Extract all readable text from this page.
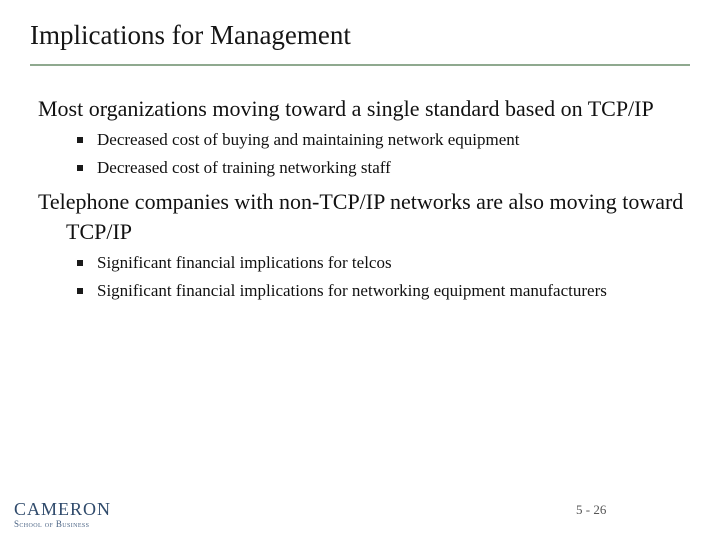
Implications for Management

Most organizations moving toward a single standard based on TCP/IP

Decreased cost of buying and maintaining network equipment
Decreased cost of training networking staff

Telephone companies with non-TCP/IP networks are also moving toward TCP/IP

Significant financial implications for telcos
Significant financial implications for networking equipment manufacturers
CAMERON
School of Business
5 - 26
